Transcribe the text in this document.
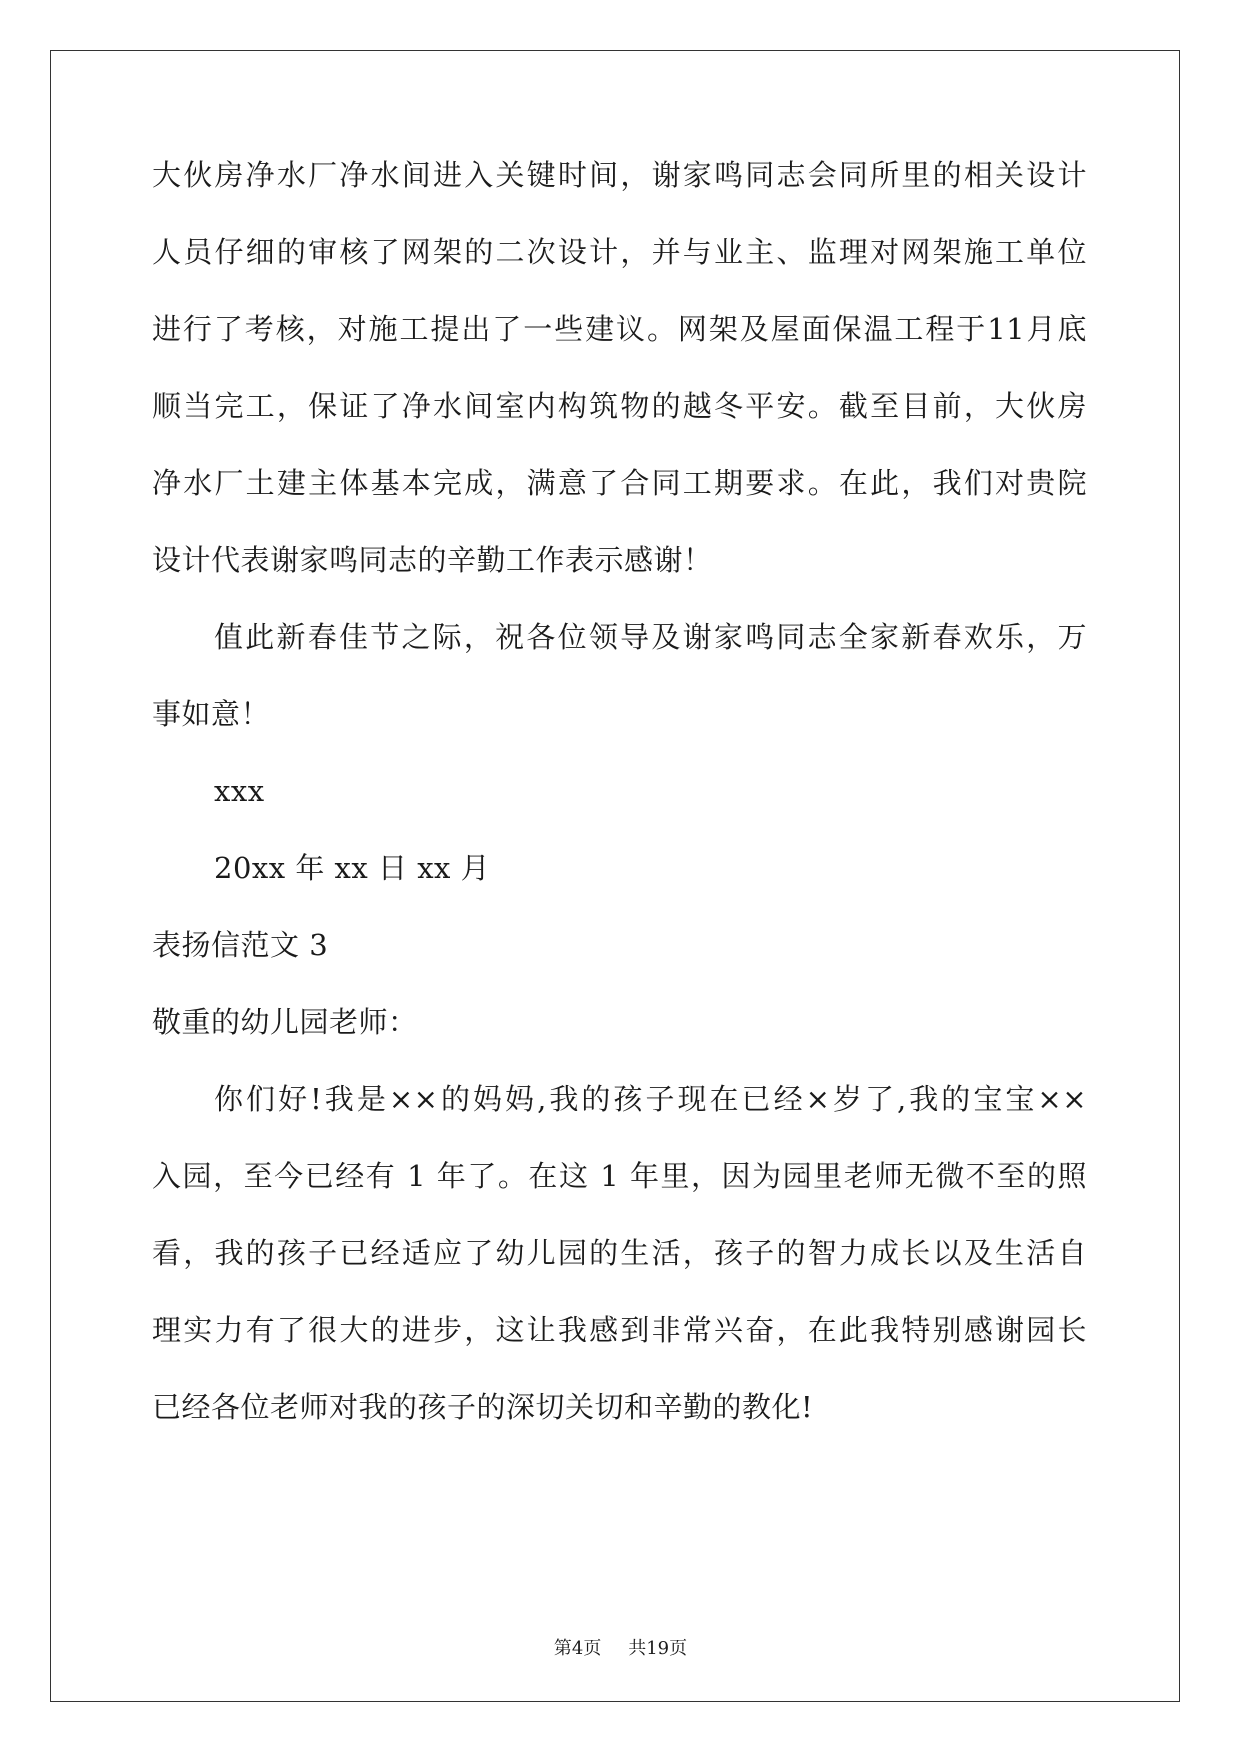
大伙房净水厂净水间进入关键时间，谢家鸣同志会同所里的相关设计
人员仔细的审核了网架的二次设计，并与业主、监理对网架施工单位
进行了考核，对施工提出了一些建议。网架及屋面保温工程于11月底
顺当完工，保证了净水间室内构筑物的越冬平安。截至目前，大伙房
净水厂土建主体基本完成，满意了合同工期要求。在此，我们对贵院
设计代表谢家鸣同志的辛勤工作表示感谢！
值此新春佳节之际，祝各位领导及谢家鸣同志全家新春欢乐，万
事如意！
xxx
20xx 年 xx 日 xx 月
表扬信范文 3
敬重的幼儿园老师：
你们好!我是××的妈妈,我的孩子现在已经×岁了,我的宝宝××
入园，至今已经有 1 年了。在这 1 年里，因为园里老师无微不至的照
看，我的孩子已经适应了幼儿园的生活，孩子的智力成长以及生活自
理实力有了很大的进步，这让我感到非常兴奋，在此我特别感谢园长
已经各位老师对我的孩子的深切关切和辛勤的教化!
第4页 共19页
